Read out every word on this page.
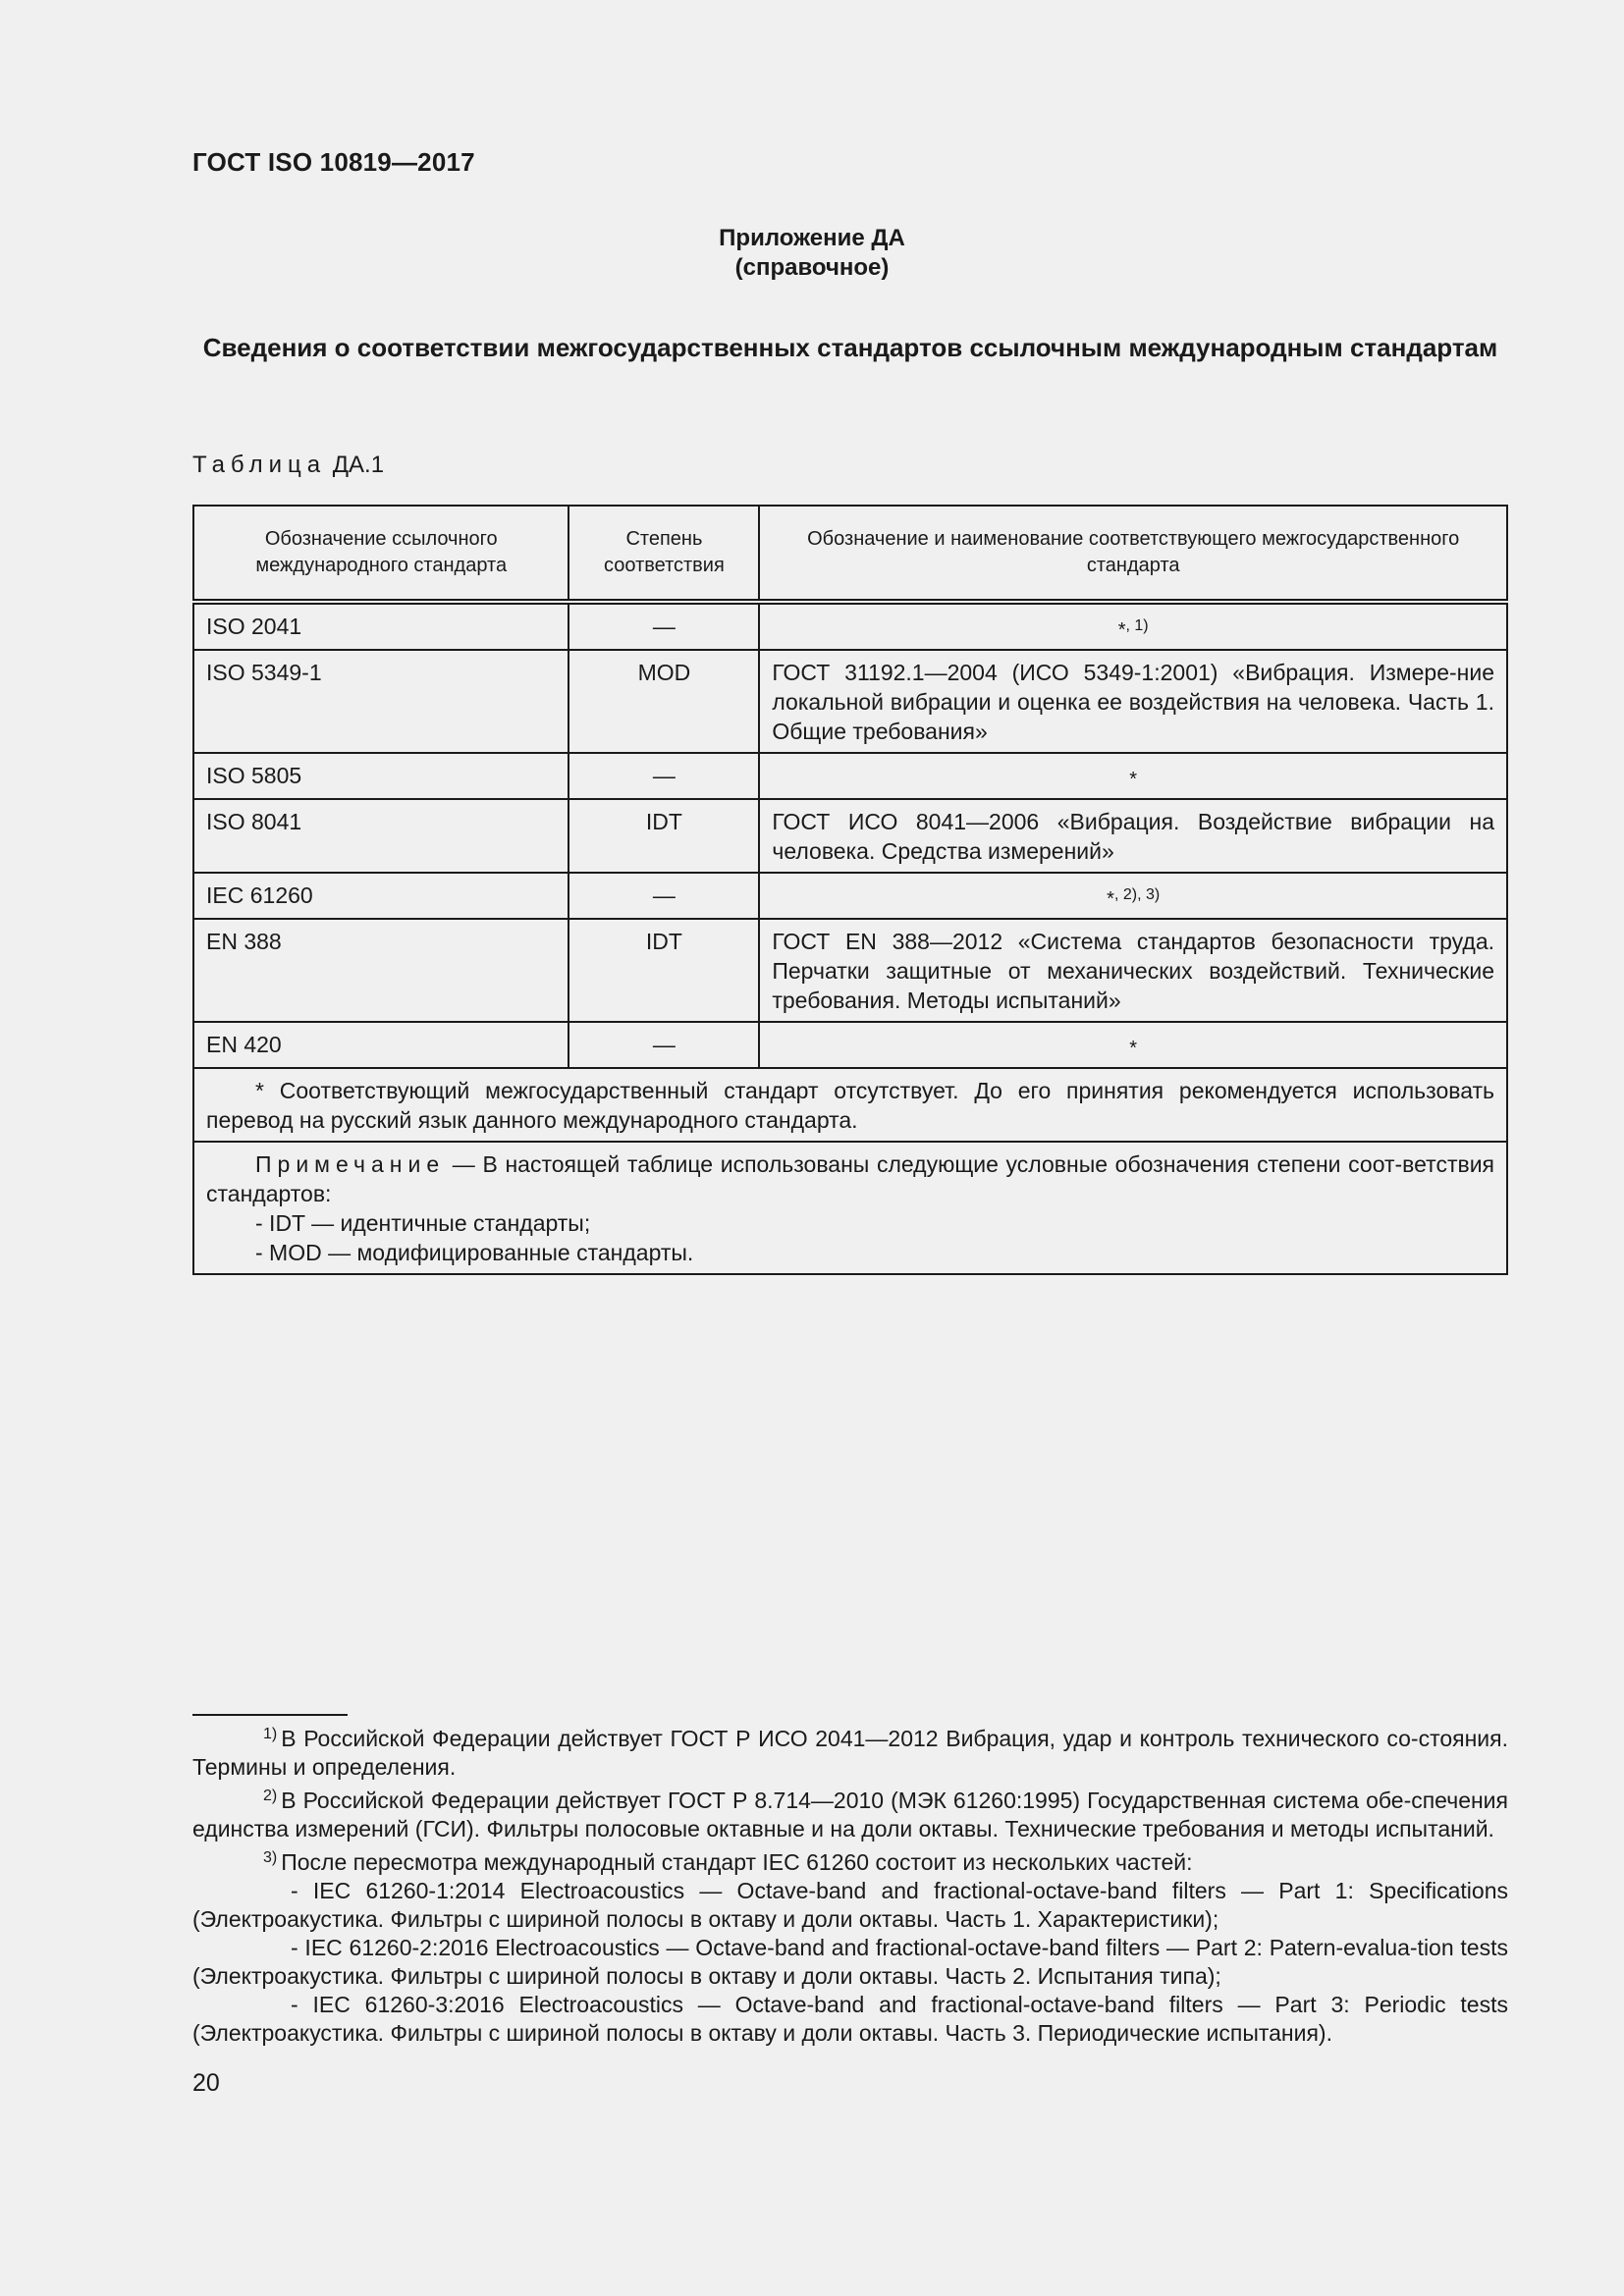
ГОСТ ISO 10819—2017
Приложение ДА
(справочное)
Сведения о соответствии межгосударственных стандартов ссылочным международным стандартам
Таблица ДА.1
Обозначение ссылочного международного стандарта	Степень соответствия	Обозначение и наименование соответствующего межгосударственного стандарта
ISO 2041	—	*$^{, 1)}$
ISO 5349-1	MOD	ГОСТ 31192.1—2004 (ИСО 5349-1:2001) «Вибрация. Измере-ние локальной вибрации и оценка ее воздействия на человека. Часть 1. Общие требования»
ISO 5805	—	*
ISO 8041	IDT	ГОСТ ИСО 8041—2006 «Вибрация. Воздействие вибрации на человека. Средства измерений»
IEC 61260	—	*$^{, 2), 3)}$
EN 388	IDT	ГОСТ EN 388—2012 «Система стандартов безопасности труда. Перчатки защитные от механических воздействий. Технические требования. Методы испытаний»
EN 420	—	*

* Соответствующий межгосударственный стандарт отсутствует. До его принятия рекомендуется использовать перевод на русский язык данного международного стандарта.		

Примечание — В настоящей таблице использованы следующие условные обозначения степени соот-ветствия стандартов:
- IDT — идентичные стандарты;
- MOD — модифицированные стандарты.		
$^{1)}$ В Российской Федерации действует ГОСТ Р ИСО 2041—2012 Вибрация, удар и контроль технического со-стояния. Термины и определения.
$^{2)}$ В Российской Федерации действует ГОСТ Р 8.714—2010 (МЭК 61260:1995) Государственная система обе-спечения единства измерений (ГСИ). Фильтры полосовые октавные и на доли октавы. Технические требования и методы испытаний.
$^{3)}$ После пересмотра международный стандарт IEC 61260 состоит из нескольких частей:
- IEC 61260-1:2014 Electroacoustics — Octave-band and fractional-octave-band filters — Part 1: Specifications (Электроакустика. Фильтры с шириной полосы в октаву и доли октавы. Часть 1. Характеристики);
- IEC 61260-2:2016 Electroacoustics — Octave-band and fractional-octave-band filters — Part 2: Patern-evalua-tion tests (Электроакустика. Фильтры с шириной полосы в октаву и доли октавы. Часть 2. Испытания типа);
- IEC 61260-3:2016 Electroacoustics — Octave-band and fractional-octave-band filters — Part 3: Periodic tests (Электроакустика. Фильтры с шириной полосы в октаву и доли октавы. Часть 3. Периодические испытания).
20
